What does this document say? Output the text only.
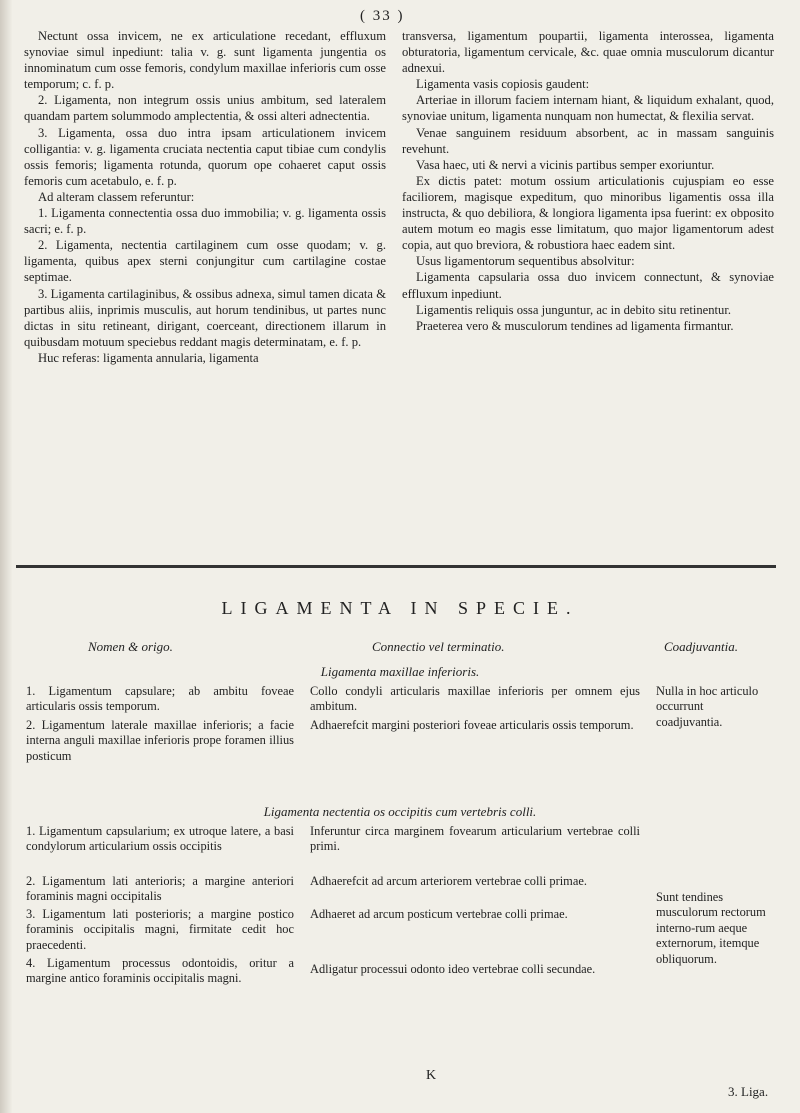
( 33 )

Nectunt ossa invicem, ne ex articulatione recedant, effluxum synoviae simul inpediunt: talia v. g. sunt ligamenta jungentia os innominatum cum osse femoris, condylum maxillae inferioris cum osse temporum; c. f. p.

2. Ligamenta, non integrum ossis unius ambitum, sed lateralem quandam partem solummodo amplectentia, & ossi alteri adnectentia.

3. Ligamenta, ossa duo intra ipsam articulationem invicem colligantia: v. g. ligamenta cruciata nectentia caput tibiae cum condylis ossis femoris; ligamenta rotunda, quorum ope cohaeret caput ossis femoris cum acetabulo, e. f. p.

Ad alteram classem referuntur:

1. Ligamenta connectentia ossa duo immobilia; v. g. ligamenta ossis sacri; e. f. p.

2. Ligamenta, nectentia cartilaginem cum osse quodam; v. g. ligamenta, quibus apex sterni conjungitur cum cartilagine costae septimae.

3. Ligamenta cartilaginibus, & ossibus adnexa, simul tamen dicata & partibus aliis, inprimis musculis, aut horum tendinibus, ut partes nunc dictas in situ retineant, dirigant, coerceant, directionem illarum in quibusdam motuum speciebus reddant magis determinatam, e. f. p.

Huc referas: ligamenta annularia, ligamenta

transversa, ligamentum poupartii, ligamenta interossea, ligamenta obturatoria, ligamentum cervicale, &c. quae omnia musculorum dicantur adnexui.

Ligamenta vasis copiosis gaudent:

Arteriae in illorum faciem internam hiant, & liquidum exhalant, quod, synoviae unitum, ligamenta nunquam non humectat, & flexilia servat.

Venae sanguinem residuum absorbent, ac in massam sanguinis revehunt.

Vasa haec, uti & nervi a vicinis partibus semper exoriuntur.

Ex dictis patet: motum ossium articulationis cujuspiam eo esse faciliorem, magisque expeditum, quo minoribus ligamentis ossa illa instructa, & quo debiliora, & longiora ligamenta ipsa fuerint: ex obposito autem motum eo magis esse limitatum, quo major ligamentorum adest copia, aut quo breviora, & robustiora haec eadem sint.

Usus ligamentorum sequentibus absolvitur:

Ligamenta capsularia ossa duo invicem connectunt, & synoviae effluxum inpediunt.

Ligamentis reliquis ossa junguntur, ac in debito situ retinentur.

Praeterea vero & musculorum tendines ad ligamenta firmantur.

LIGAMENTA IN SPECIE.
Nomen & origo.	Connectio vel terminatio.	Coadjuvantia.
Ligamenta maxillae inferioris.
1. Ligamentum capsulare; ab ambitu foveae articularis ossis temporum.
2. Ligamentum laterale maxillae inferioris; a facie interna anguli maxillae inferioris prope foramen illius posticum
Collo condyli articularis maxillae inferioris per omnem ejus ambitum.
Adhaerefcit margini posteriori foveae articularis ossis temporum.
Nulla in hoc articulo occurrunt coadjuvantia.
Ligamenta nectentia os occipitis cum vertebris colli.
1. Ligamentum capsularium; ex utroque latere, a basi condylorum articularium ossis occipitis
2. Ligamentum lati anterioris; a margine anteriori foraminis magni occipitalis
3. Ligamentum lati posterioris; a margine postico foraminis occipitalis magni, firmitate cedit hoc praecedenti.
4. Ligamentum processus odontoidis, oritur a margine antico foraminis occipitalis magni.
Inferuntur circa marginem fovearum articularium vertebrae colli primi.
Adhaerefcit ad arcum arteriorem vertebrae colli primae.
Adhaeret ad arcum posticum vertebrae colli primae.
Adligatur processui odonto ideo vertebrae colli secundae.
Sunt tendines musculorum rectorum interno-rum aeque externorum, itemque obliquorum.
K
3. Liga.
